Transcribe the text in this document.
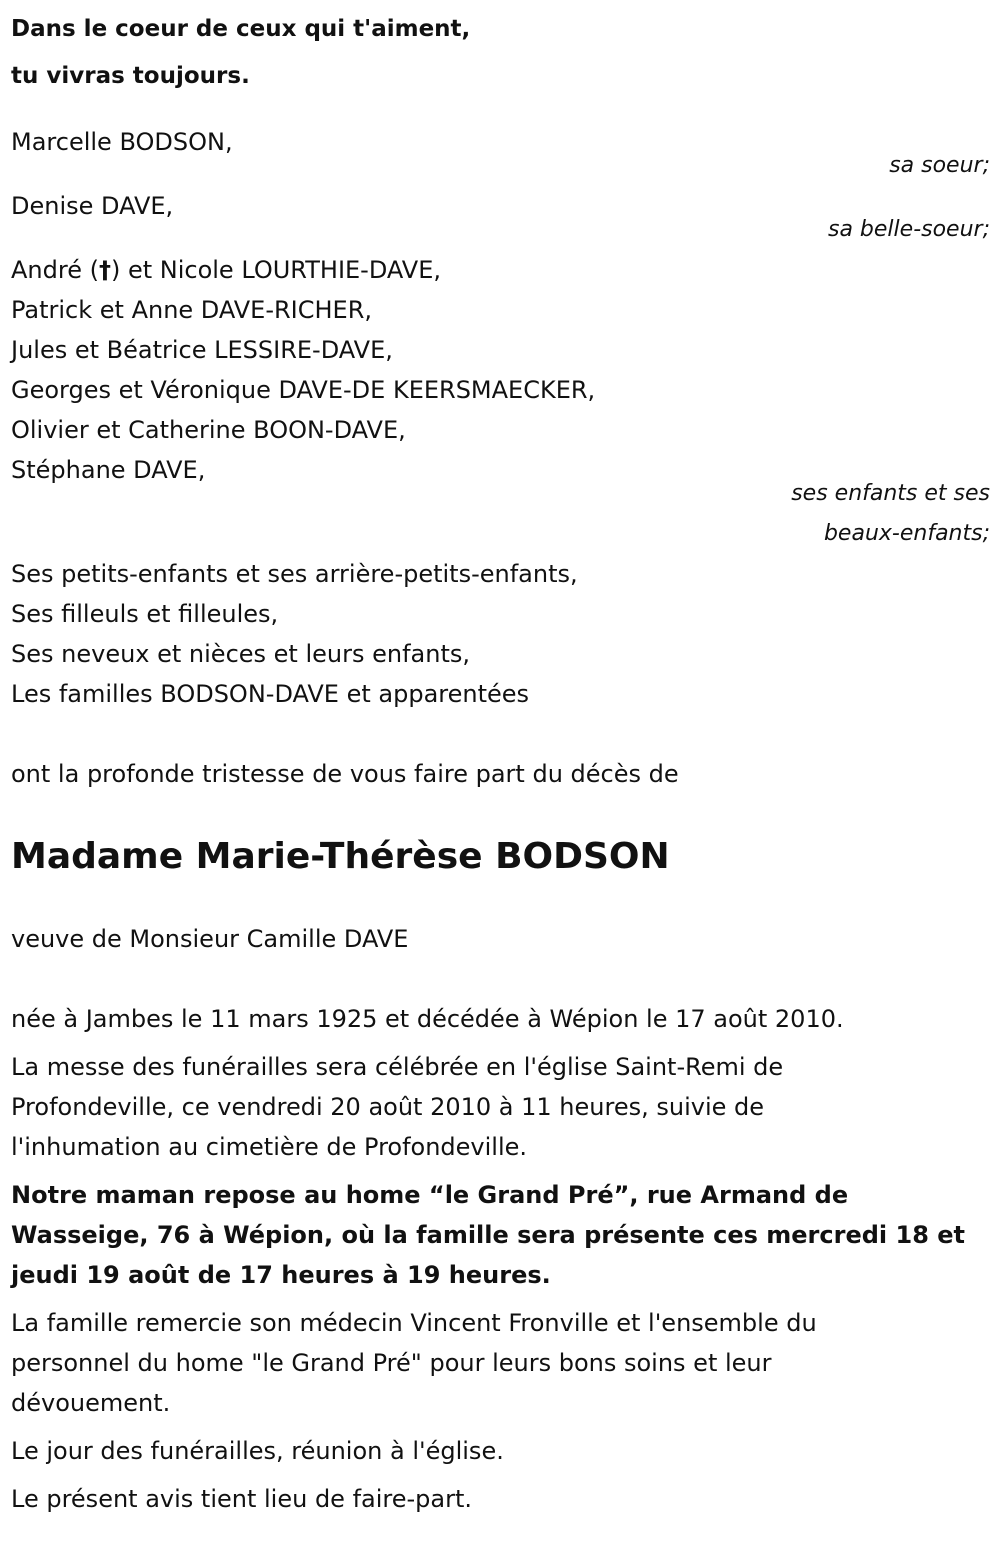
Dans le coeur de ceux qui t'aiment,
tu vivras toujours.
Marcelle BODSON,
sa soeur;
Denise DAVE,
sa belle-soeur;
André (†) et Nicole LOURTHIE-DAVE,
Patrick et Anne DAVE-RICHER,
Jules et Béatrice LESSIRE-DAVE,
Georges et Véronique DAVE-DE KEERSMAECKER,
Olivier et Catherine BOON-DAVE,
Stéphane DAVE,
ses enfants et ses
beaux-enfants;
Ses petits-enfants et ses arrière-petits-enfants,
Ses filleuls et filleules,
Ses neveux et nièces et leurs enfants,
Les familles BODSON-DAVE et apparentées
ont la profonde tristesse de vous faire part du décès de
Madame Marie-Thérèse BODSON
veuve de Monsieur Camille DAVE

née à Jambes le 11 mars 1925 et décédée à Wépion le 17 août 2010.

La messe des funérailles sera célébrée en l'église Saint-Remi de
Profondeville, ce vendredi 20 août 2010 à 11 heures, suivie de
l'inhumation au cimetière de Profondeville.

Notre maman repose au home “le Grand Pré”, rue Armand de
Wasseige, 76 à Wépion, où la famille sera présente ces mercredi 18 et
jeudi 19 août de 17 heures à 19 heures.

La famille remercie son médecin Vincent Fronville et l'ensemble du
personnel du home "le Grand Pré" pour leurs bons soins et leur
dévouement.

Le jour des funérailles, réunion à l'église.

Le présent avis tient lieu de faire-part.
